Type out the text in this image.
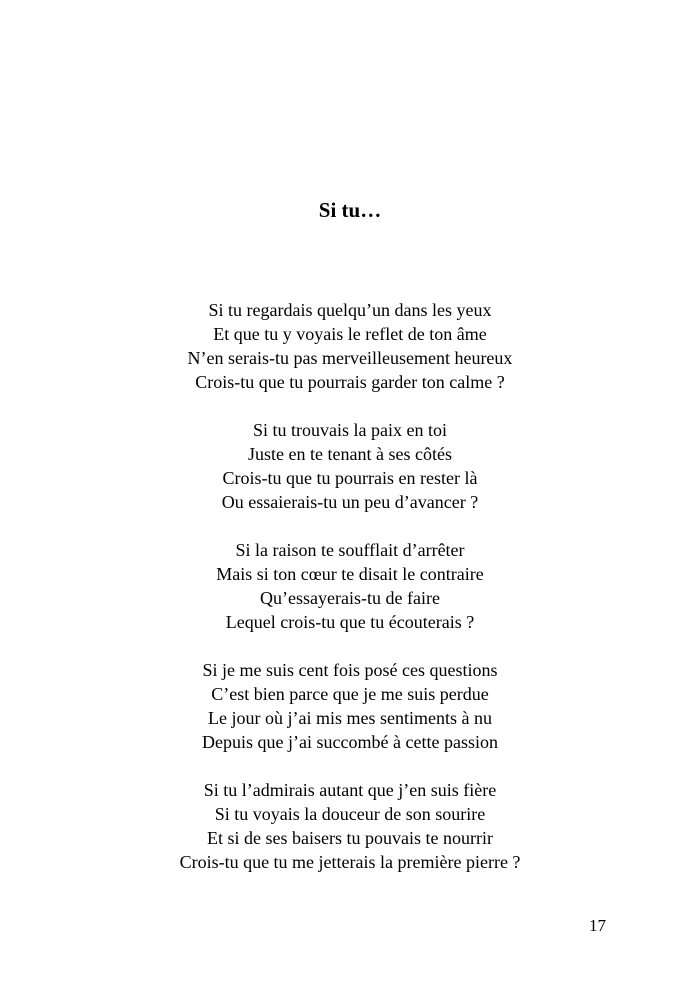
Si tu…
Si tu regardais quelqu’un dans les yeux
Et que tu y voyais le reflet de ton âme
N’en serais-tu pas merveilleusement heureux
Crois-tu que tu pourrais garder ton calme ?
Si tu trouvais la paix en toi
Juste en te tenant à ses côtés
Crois-tu que tu pourrais en rester là
Ou essaierais-tu un peu d’avancer ?
Si la raison te soufflait d’arrêter
Mais si ton cœur te disait le contraire
Qu’essayerais-tu de faire
Lequel crois-tu que tu écouterais ?
Si je me suis cent fois posé ces questions
C’est bien parce que je me suis perdue
Le jour où j’ai mis mes sentiments à nu
Depuis que j’ai succombé à cette passion
Si tu l’admirais autant que j’en suis fière
Si tu voyais la douceur de son sourire
Et si de ses baisers tu pouvais te nourrir
Crois-tu que tu me jetterais la première pierre ?
17
